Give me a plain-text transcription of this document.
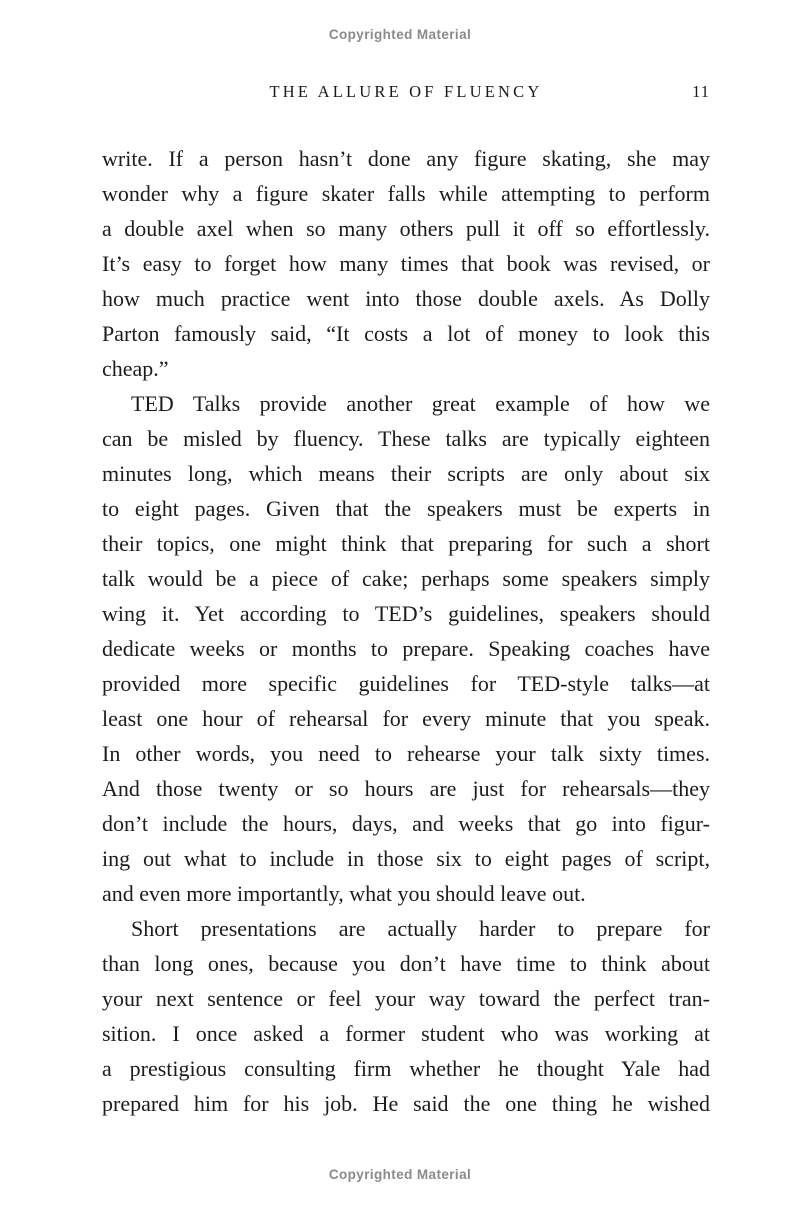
Copyrighted Material
THE ALLURE OF FLUENCY	11
write. If a person hasn’t done any figure skating, she may
wonder why a figure skater falls while attempting to perform
a double axel when so many others pull it off so effortlessly.
It’s easy to forget how many times that book was revised, or
how much practice went into those double axels. As Dolly
Parton famously said, “It costs a lot of money to look this
cheap.”
TED Talks provide another great example of how we
can be misled by fluency. These talks are typically eighteen
minutes long, which means their scripts are only about six
to eight pages. Given that the speakers must be experts in
their topics, one might think that preparing for such a short
talk would be a piece of cake; perhaps some speakers simply
wing it. Yet according to TED’s guidelines, speakers should
dedicate weeks or months to prepare. Speaking coaches have
provided more specific guidelines for TED-style talks—at
least one hour of rehearsal for every minute that you speak.
In other words, you need to rehearse your talk sixty times.
And those twenty or so hours are just for rehearsals—they
don’t include the hours, days, and weeks that go into figur-
ing out what to include in those six to eight pages of script,
and even more importantly, what you should leave out.
Short presentations are actually harder to prepare for
than long ones, because you don’t have time to think about
your next sentence or feel your way toward the perfect tran-
sition. I once asked a former student who was working at
a prestigious consulting firm whether he thought Yale had
prepared him for his job. He said the one thing he wished
Copyrighted Material
